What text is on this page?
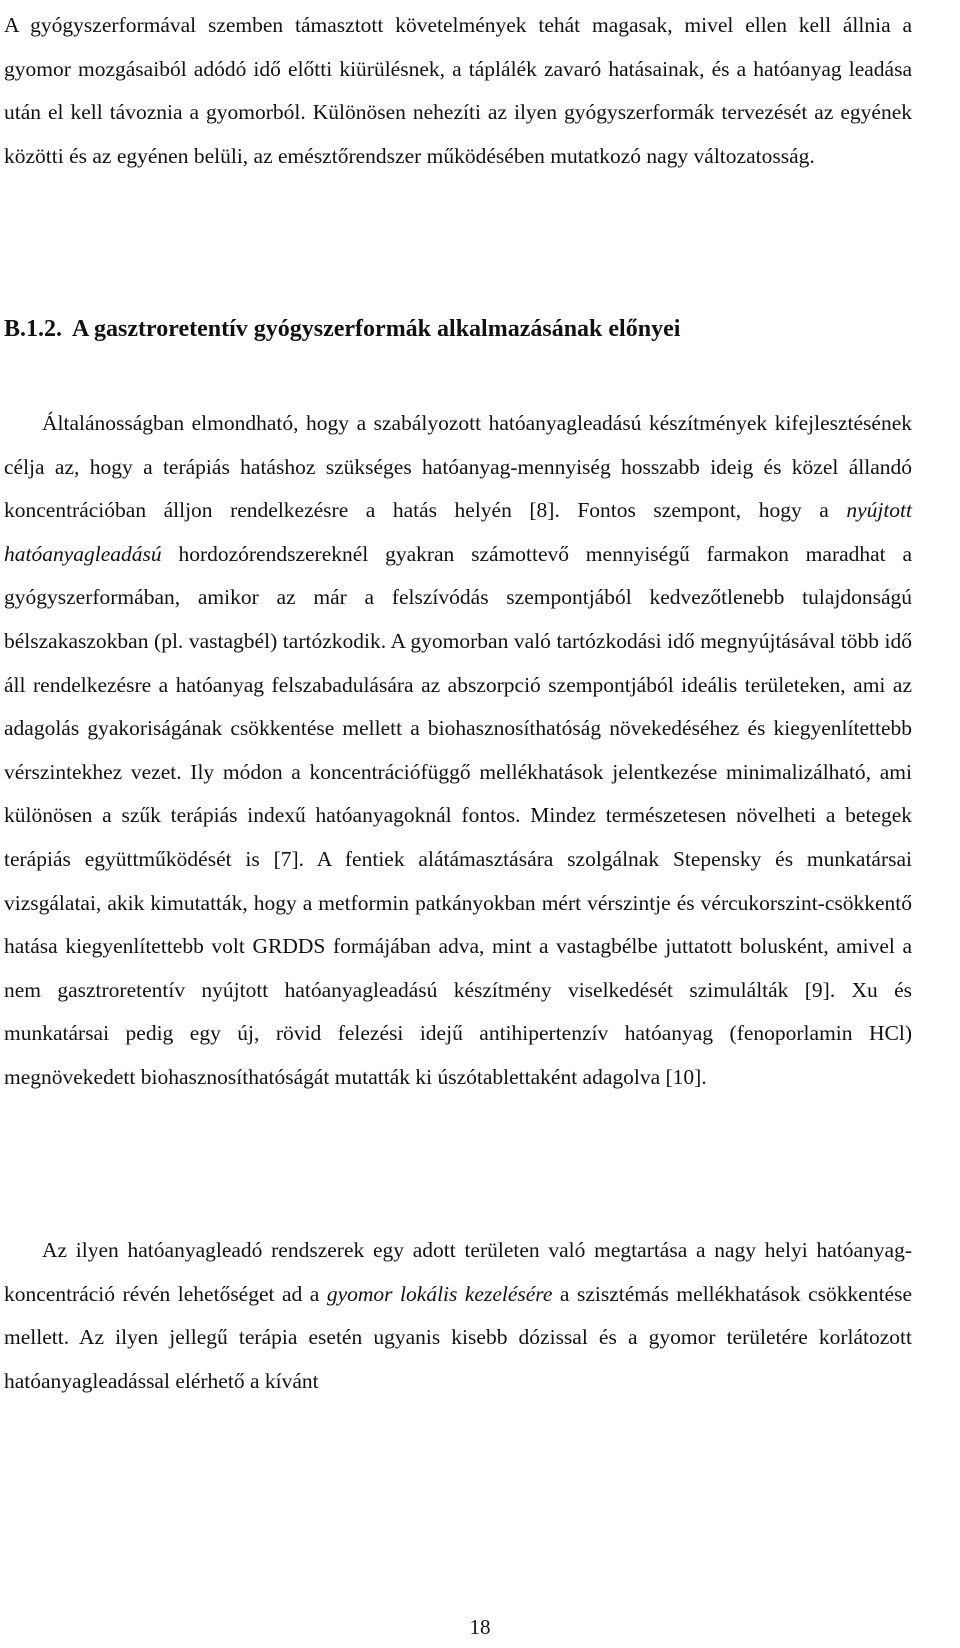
A gyógyszerformával szemben támasztott követelmények tehát magasak, mivel ellen kell állnia a gyomor mozgásaiból adódó idő előtti kiürülésnek, a táplálék zavaró hatásainak, és a hatóanyag leadása után el kell távoznia a gyomorból. Különösen nehezíti az ilyen gyógyszerformák tervezését az egyének közötti és az egyénen belüli, az emésztőrendszer működésében mutatkozó nagy változatosság.

B.1.2. A gasztroretentív gyógyszerformák alkalmazásának előnyei

Általánosságban elmondható, hogy a szabályozott hatóanyagleadású készítmények kifejlesztésének célja az, hogy a terápiás hatáshoz szükséges hatóanyag-mennyiség hosszabb ideig és közel állandó koncentrációban álljon rendelkezésre a hatás helyén [8]. Fontos szempont, hogy a nyújtott hatóanyagleadású hordozórendszereknél gyakran számottevő mennyiségű farmakon maradhat a gyógyszerformában, amikor az már a felszívódás szempontjából kedvezőtlenebb tulajdonságú bélszakaszokban (pl. vastagbél) tartózkodik. A gyomorban való tartózkodási idő megnyújtásával több idő áll rendelkezésre a hatóanyag felszabadulására az abszorpció szempontjából ideális területeken, ami az adagolás gyakoriságának csökkentése mellett a biohasznosíthatóság növekedéséhez és kiegyenlítettebb vérszintekhez vezet. Ily módon a koncentrációfüggő mellékhatások jelentkezése minimalizálható, ami különösen a szűk terápiás indexű hatóanyagoknál fontos. Mindez természetesen növelheti a betegek terápiás együttműködését is [7]. A fentiek alátámasztására szolgálnak Stepensky és munkatársai vizsgálatai, akik kimutatták, hogy a metformin patkányokban mért vérszintje és vércukorszint-csökkentő hatása kiegyenlítettebb volt GRDDS formájában adva, mint a vastagbélbe juttatott bolusként, amivel a nem gasztroretentív nyújtott hatóanyagleadású készítmény viselkedését szimulálták [9]. Xu és munkatársai pedig egy új, rövid felezési idejű antihipertenzív hatóanyag (fenoporlamin HCl) megnövekedett biohasznosíthatóságát mutatták ki úszótablettaként adagolva [10].

Az ilyen hatóanyagleadó rendszerek egy adott területen való megtartása a nagy helyi hatóanyag-koncentráció révén lehetőséget ad a gyomor lokális kezelésére a szisztémás mellékhatások csökkentése mellett. Az ilyen jellegű terápia esetén ugyanis kisebb dózissal és a gyomor területére korlátozott hatóanyagleadással elérhető a kívánt

18
